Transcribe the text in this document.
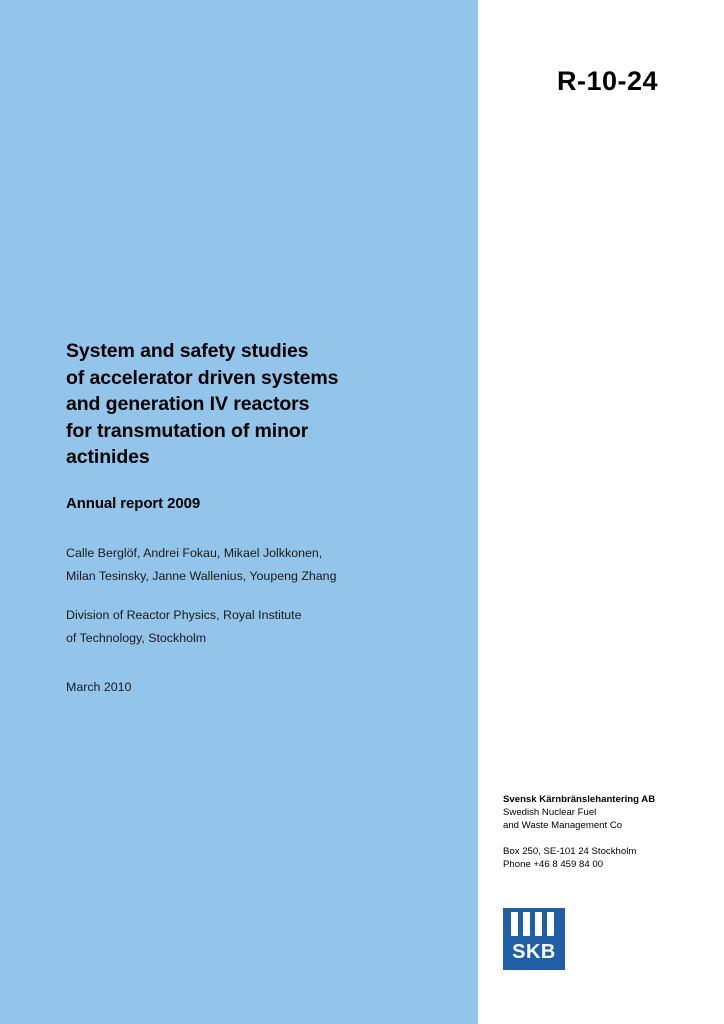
R-10-24
System and safety studies
of accelerator driven systems
and generation IV reactors
for transmutation of minor
actinides

Annual report 2009

Calle Berglöf, Andrei Fokau, Mikael Jolkkonen,
Milan Tesinsky, Janne Wallenius, Youpeng Zhang
Division of Reactor Physics, Royal Institute
of Technology, Stockholm
March 2010

Svensk Kärnbränslehantering AB

Swedish Nuclear Fuel
and Waste Management Co

Box 250, SE-101 24 Stockholm
Phone +46 8 459 84 00

SKB
